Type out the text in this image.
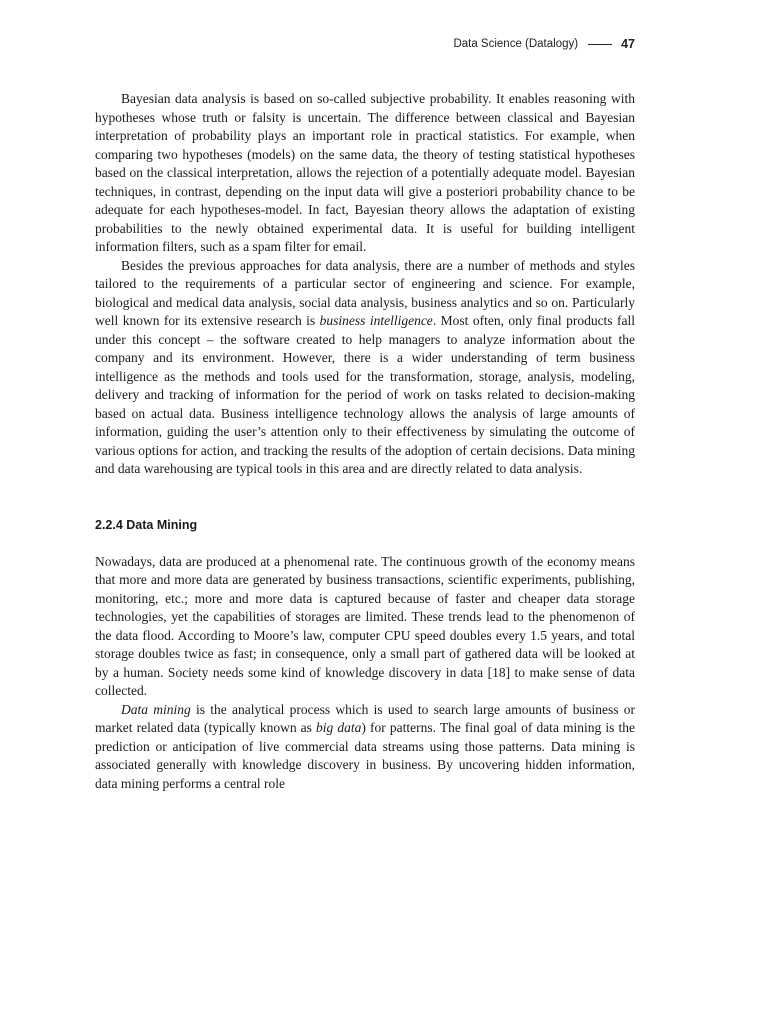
Data Science (Datalogy)	47

Bayesian data analysis is based on so-called subjective probability. It enables reasoning with hypotheses whose truth or falsity is uncertain. The difference between classical and Bayesian interpretation of probability plays an important role in practical statistics. For example, when comparing two hypotheses (models) on the same data, the theory of testing statistical hypotheses based on the classical interpretation, allows the rejection of a potentially adequate model. Bayesian techniques, in contrast, depending on the input data will give a posteriori probability chance to be adequate for each hypotheses-model. In fact, Bayesian theory allows the adaptation of existing probabilities to the newly obtained experimental data. It is useful for building intelligent information filters, such as a spam filter for email.

Besides the previous approaches for data analysis, there are a number of methods and styles tailored to the requirements of a particular sector of engineering and science. For example, biological and medical data analysis, social data analysis, business analytics and so on. Particularly well known for its extensive research is business intelligence. Most often, only final products fall under this concept – the software created to help managers to analyze information about the company and its environment. However, there is a wider understanding of term business intelligence as the methods and tools used for the transformation, storage, analysis, modeling, delivery and tracking of information for the period of work on tasks related to decision-making based on actual data. Business intelligence technology allows the analysis of large amounts of information, guiding the user’s attention only to their effectiveness by simulating the outcome of various options for action, and tracking the results of the adoption of certain decisions. Data mining and data warehousing are typical tools in this area and are directly related to data analysis.

2.2.4 Data Mining

Nowadays, data are produced at a phenomenal rate. The continuous growth of the economy means that more and more data are generated by business transactions, scientific experiments, publishing, monitoring, etc.; more and more data is captured because of faster and cheaper data storage technologies, yet the capabilities of storages are limited. These trends lead to the phenomenon of the data flood. According to Moore’s law, computer CPU speed doubles every 1.5 years, and total storage doubles twice as fast; in consequence, only a small part of gathered data will be looked at by a human. Society needs some kind of knowledge discovery in data [18] to make sense of data collected.

Data mining is the analytical process which is used to search large amounts of business or market related data (typically known as big data) for patterns. The final goal of data mining is the prediction or anticipation of live commercial data streams using those patterns. Data mining is associated generally with knowledge discovery in business. By uncovering hidden information, data mining performs a central role
